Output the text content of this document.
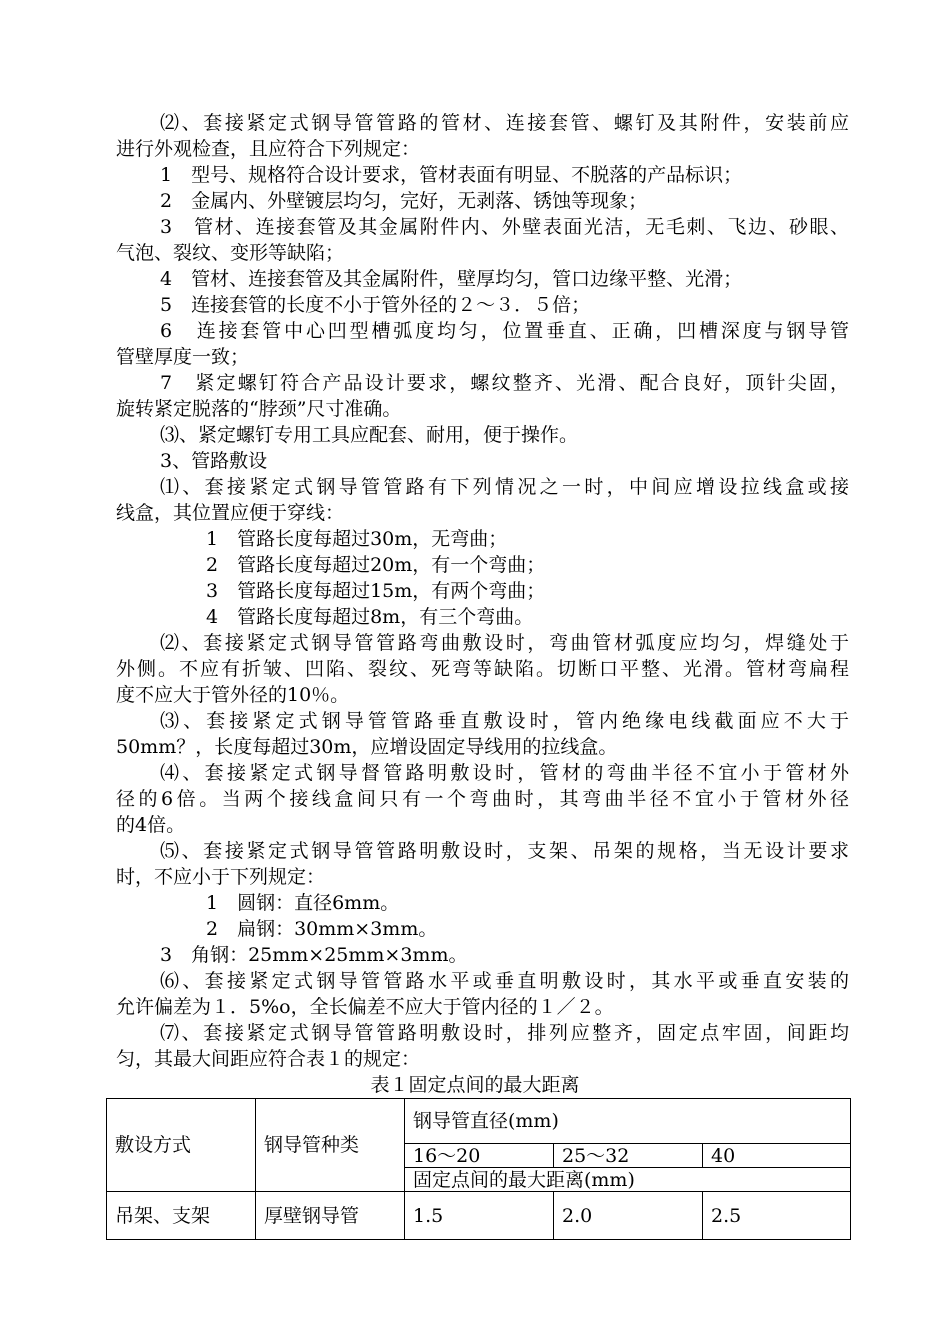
⑵、套接紧定式钢导管管路的管材、连接套管、螺钉及其附件，安装前应
进行外观检查，且应符合下列规定：
1　型号、规格符合设计要求，管材表面有明显、不脱落的产品标识；
2　金属内、外壁镀层均匀，完好，无剥落、锈蚀等现象；
3　管材、连接套管及其金属附件内、外壁表面光洁，无毛刺、飞边、砂眼、
气泡、裂纹、变形等缺陷；
4　管材、连接套管及其金属附件，壁厚均匀，管口边缘平整、光滑；
5　连接套管的长度不小于管外径的２～３．５倍；
6　连接套管中心凹型槽弧度均匀，位置垂直、正确，凹槽深度与钢导管
管壁厚度一致；
7　紧定螺钉符合产品设计要求，螺纹整齐、光滑、配合良好，顶针尖固，
旋转紧定脱落的“脖颈”尺寸准确。
⑶、紧定螺钉专用工具应配套、耐用，便于操作。
3、管路敷设
⑴、套接紧定式钢导管管路有下列情况之一时，中间应增设拉线盒或接
线盒，其位置应便于穿线：
1　管路长度每超过30m，无弯曲；
2　管路长度每超过20m，有一个弯曲；
3　管路长度每超过15m，有两个弯曲；
4　管路长度每超过8m，有三个弯曲。
⑵、套接紧定式钢导管管路弯曲敷设时，弯曲管材弧度应均匀，焊缝处于
外侧。不应有折皱、凹陷、裂纹、死弯等缺陷。切断口平整、光滑。管材弯扁程
度不应大于管外径的10％。
⑶、套接紧定式钢导管管路垂直敷设时，管内绝缘电线截面应不大于
50mm？，长度每超过30m，应增设固定导线用的拉线盒。
⑷、套接紧定式钢导督管路明敷设时，管材的弯曲半径不宜小于管材外
径的6倍。当两个接线盒间只有一个弯曲时，其弯曲半径不宜小于管材外径
的4倍。
⑸、套接紧定式钢导管管路明敷设时，支架、吊架的规格，当无设计要求
时，不应小于下列规定：
1　圆钢：直径6mm。
2　扁钢：30mm×3mm。
3　角钢：25mm×25mm×3mm。
⑹、套接紧定式钢导管管路水平或垂直明敷设时，其水平或垂直安装的
允许偏差为１．5%o，全长偏差不应大于管内径的１／２。
⑺、套接紧定式钢导管管路明敷设时，排列应整齐，固定点牢固，间距均
匀，其最大间距应符合表１的规定：
表１固定点间的最大距离
敷设方式	钢导管种类	钢导管直径(mm)		
		16～20	25～32	40
		固定点间的最大距离(mm)		
吊架、支架	厚壁钢导管	1.5	2.0	2.5
